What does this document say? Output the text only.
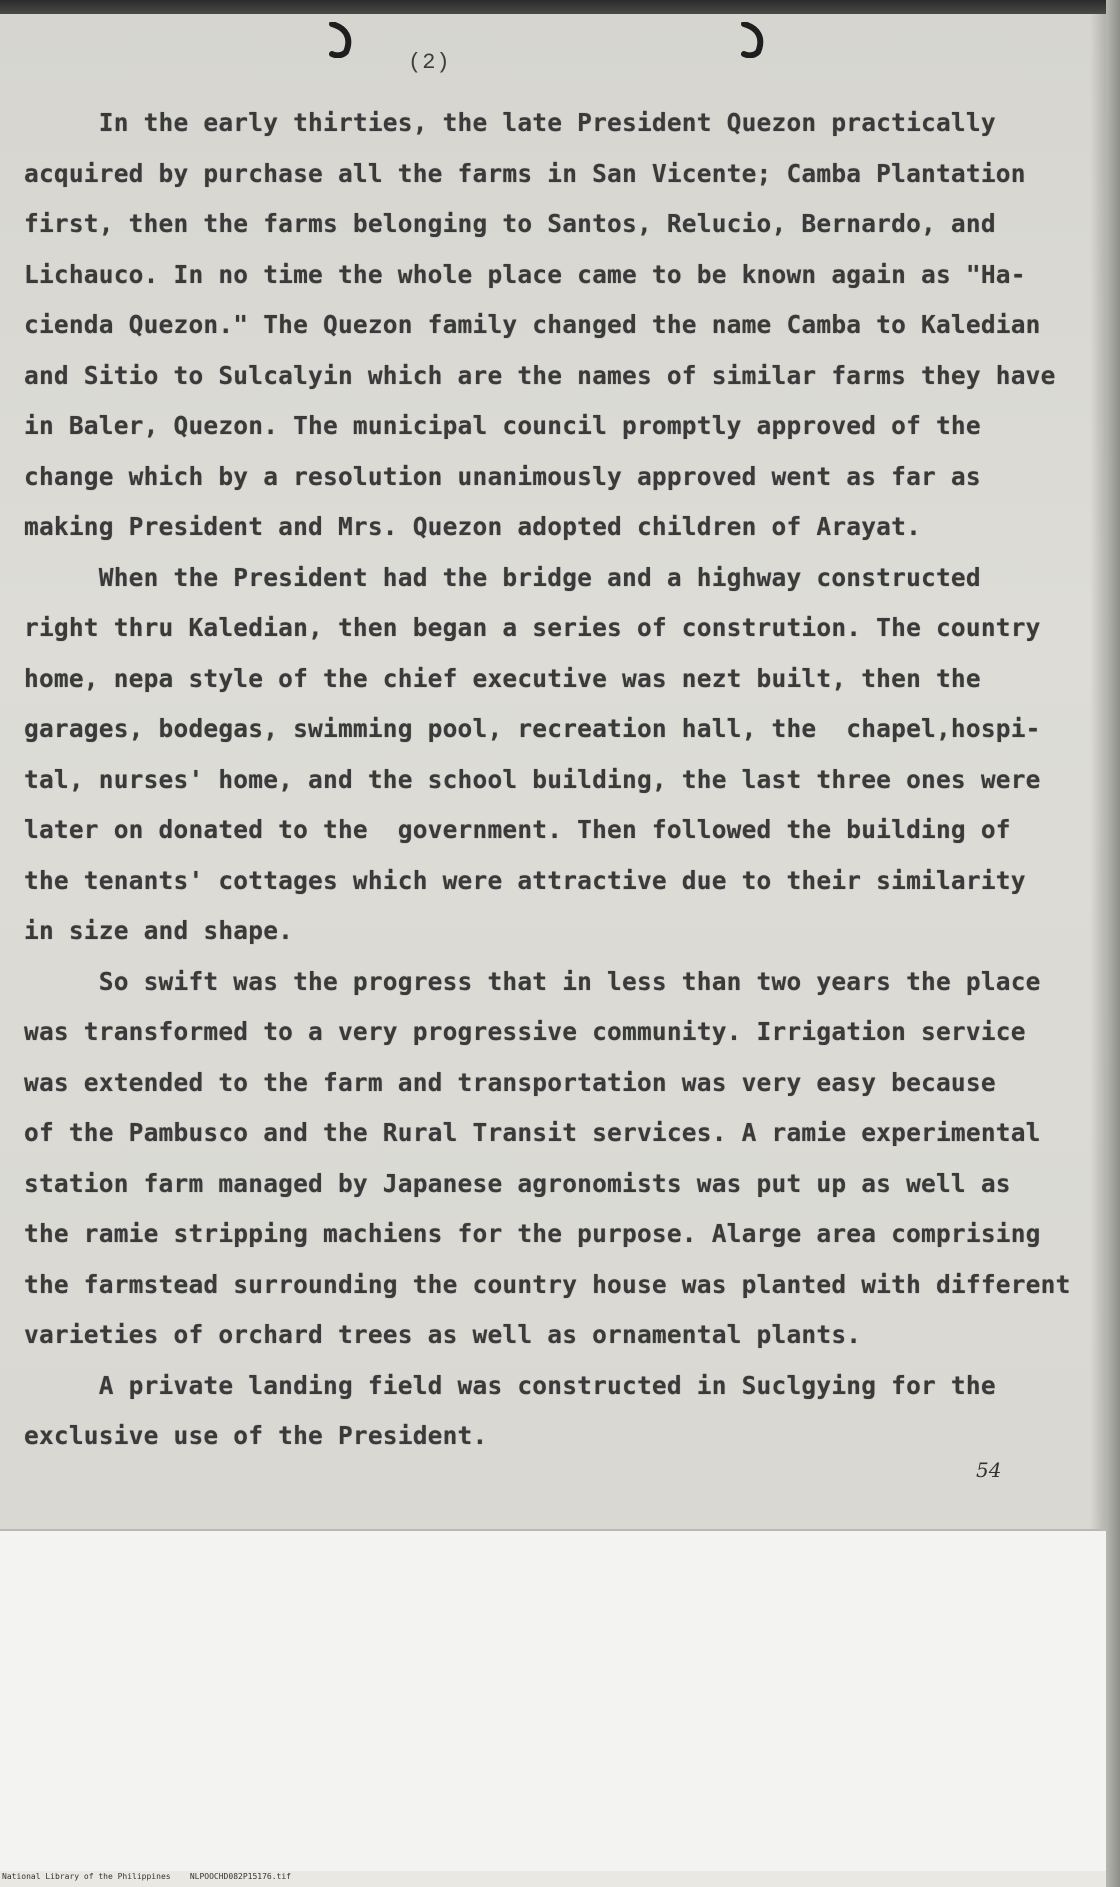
(2)
In the early thirties, the late President Quezon practically
acquired by purchase all the farms in San Vicente; Camba Plantation
first, then the farms belonging to Santos, Relucio, Bernardo, and
Lichauco. In no time the whole place came to be known again as "Ha-
cienda Quezon." The Quezon family changed the name Camba to Kaledian
and Sitio to Sulcalyin which are the names of similar farms they have
in Baler, Quezon. The municipal council promptly approved of the
change which by a resolution unanimously approved went as far as
making President and Mrs. Quezon adopted children of Arayat.
When the President had the bridge and a highway constructed
right thru Kaledian, then began a series of constrution. The country
home, nepa style of the chief executive was nezt built, then the
garages, bodegas, swimming pool, recreation hall, the  chapel,hospi-
tal, nurses' home, and the school building, the last three ones were
later on donated to the  government. Then followed the building of
the tenants' cottages which were attractive due to their similarity
in size and shape.
So swift was the progress that in less than two years the place
was transformed to a very progressive community. Irrigation service
was extended to the farm and transportation was very easy because
of the Pambusco and the Rural Transit services. A ramie experimental
station farm managed by Japanese agronomists was put up as well as
the ramie stripping machiens for the purpose. Alarge area comprising
the farmstead surrounding the country house was planted with different
varieties of orchard trees as well as ornamental plants.
A private landing field was constructed in Suclgying for the
exclusive use of the President.
54
National Library of the Philippines    NLPOOCHD082P15176.tif
